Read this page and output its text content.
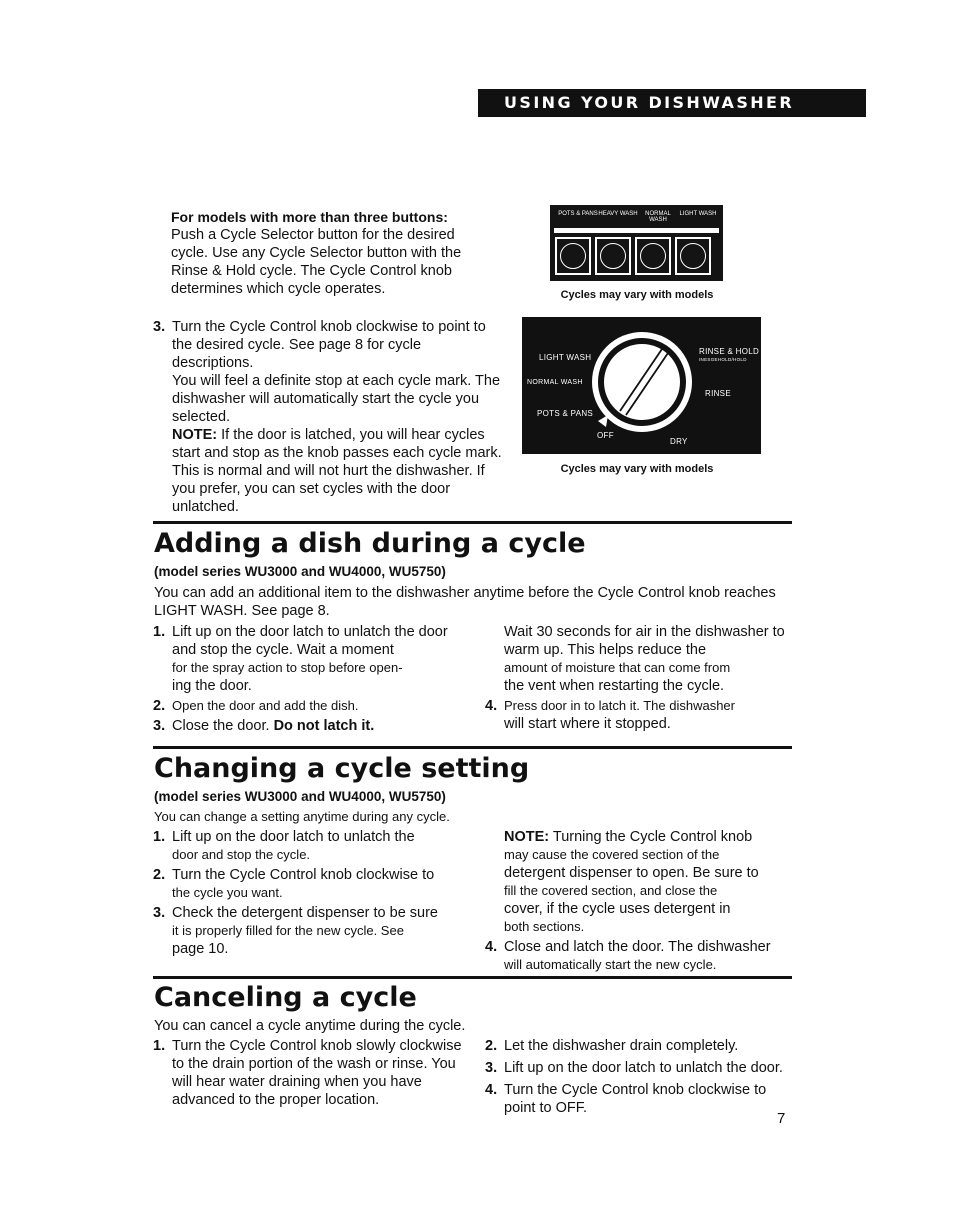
USING YOUR DISHWASHER

For models with more than three buttons:

Push a Cycle Selector button for the desired cycle. Use any Cycle Selector button with the Rinse & Hold cycle. The Cycle Control knob determines which cycle operates.

3. Turn the Cycle Control knob clockwise to point to the desired cycle. See page 8 for cycle descriptions.
You will feel a definite stop at each cycle mark. The dishwasher will automatically start the cycle you selected.
NOTE: If the door is latched, you will hear cycles start and stop as the knob passes each cycle mark. This is normal and will not hurt the dishwasher. If you prefer, you can set cycles with the door unlatched.
POTS & PANS HEAVY WASH	NORMAL WASH
LIGHT WASH
Cycles may vary with models
LIGHT WASH
NORMAL WASH
POTS & PANS
OFF
RINSE & HOLD
INESGEHOLD/HOLD
RINSE
DRY
Cycles may vary with models
Adding a dish during a cycle
(model series WU3000 and WU4000, WU5750)
You can add an additional item to the dishwasher anytime before the Cycle Control knob reaches LIGHT WASH. See page 8.
1. Lift up on the door latch to unlatch the door and stop the cycle. Wait a moment
for the spray action to stop before open-
ing the door.
2. Open the door and add the dish.
3. Close the door. Do not latch it.
Wait 30 seconds for air in the dishwasher to warm up. This helps reduce the
amount of moisture that can come from
the vent when restarting the cycle.
4. Press door in to latch it. The dishwasher
will start where it stopped.
Changing a cycle setting
(model series WU3000 and WU4000, WU5750)
You can change a setting anytime during any cycle.
1. Lift up on the door latch to unlatch the
door and stop the cycle.
2. Turn the Cycle Control knob clockwise to
the cycle you want.
3. Check the detergent dispenser to be sure
it is properly filled for the new cycle. See
page 10.
NOTE: Turning the Cycle Control knob
may cause the covered section of the
detergent dispenser to open. Be sure to
fill the covered section, and close the
cover, if the cycle uses detergent in
both sections.
4. Close and latch the door. The dishwasher
will automatically start the new cycle.
Canceling a cycle
You can cancel a cycle anytime during the cycle.
1. Turn the Cycle Control knob slowly clockwise to the drain portion of the wash or rinse. You will hear water draining when you have advanced to the proper location.
2. Let the dishwasher drain completely.
3. Lift up on the door latch to unlatch the door.
4. Turn the Cycle Control knob clockwise to point to OFF.
7
